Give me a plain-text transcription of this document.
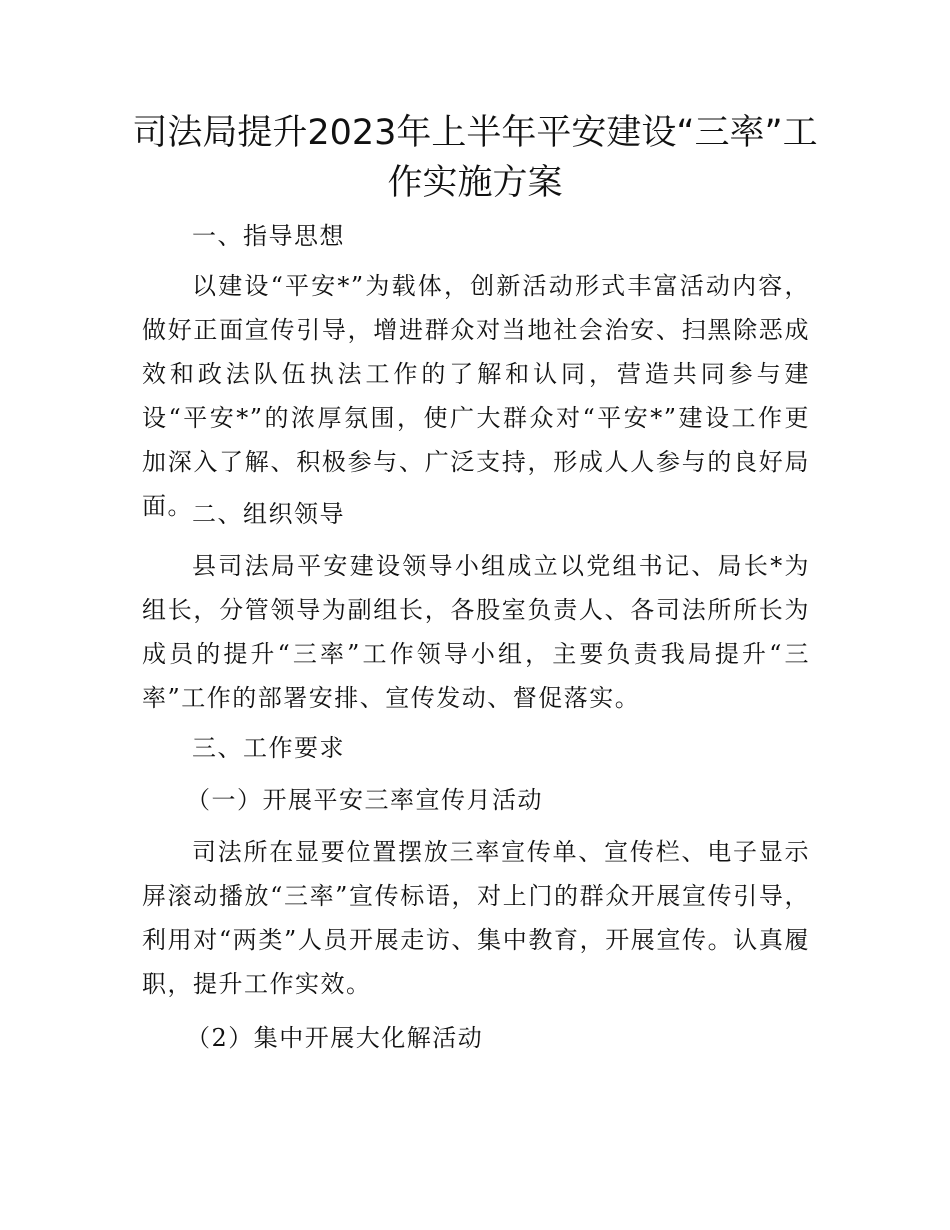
司法局提升2023年上半年平安建设“三率”工作实施方案

一、指导思想

以建设“平安*”为载体，创新活动形式丰富活动内容，做好正面宣传引导，增进群众对当地社会治安、扫黑除恶成效和政法队伍执法工作的了解和认同，营造共同参与建设“平安*”的浓厚氛围，使广大群众对“平安*”建设工作更加深入了解、积极参与、广泛支持，形成人人参与的良好局面。 二、组织领导

县司法局平安建设领导小组成立以党组书记、局长*为组长，分管领导为副组长，各股室负责人、各司法所所长为成员的提升“三率”工作领导小组，主要负责我局提升“三率”工作的部署安排、宣传发动、督促落实。

三、工作要求

（一）开展平安三率宣传月活动

司法所在显要位置摆放三率宣传单、宣传栏、电子显示屏滚动播放“三率”宣传标语，对上门的群众开展宣传引导，利用对“两类”人员开展走访、集中教育，开展宣传。认真履职，提升工作实效。

（2）集中开展大化解活动
